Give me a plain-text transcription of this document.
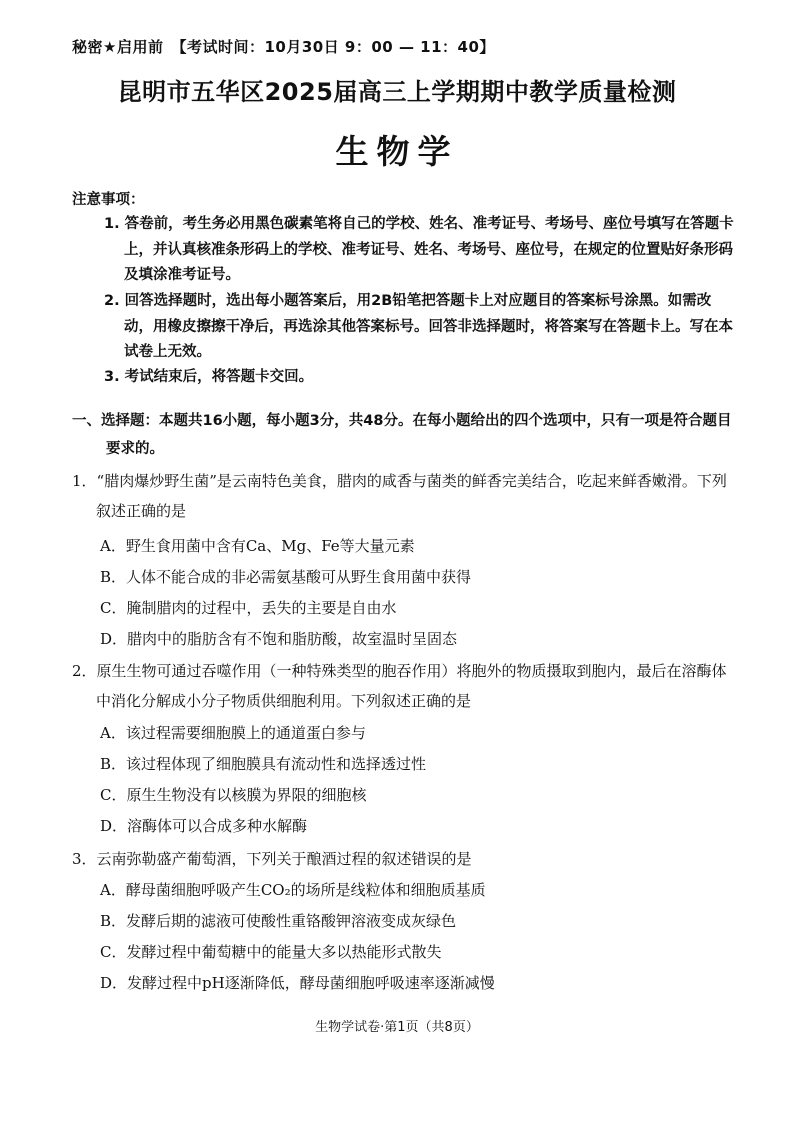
秘密★启用前　【考试时间：10月30日 9：00 — 11：40】
昆明市五华区2025届高三上学期期中教学质量检测
生物学
注意事项：
1. 答卷前，考生务必用黑色碳素笔将自己的学校、姓名、准考证号、考场号、座位号填写在答题卡上，并认真核准条形码上的学校、准考证号、姓名、考场号、座位号，在规定的位置贴好条形码及填涂准考证号。
2. 回答选择题时，选出每小题答案后，用2B铅笔把答题卡上对应题目的答案标号涂黑。如需改动，用橡皮擦擦干净后，再选涂其他答案标号。回答非选择题时，将答案写在答题卡上。写在本试卷上无效。
3. 考试结束后，将答题卡交回。
一、选择题：本题共16小题，每小题3分，共48分。在每小题给出的四个选项中，只有一项是符合题目要求的。
1．“腊肉爆炒野生菌”是云南特色美食，腊肉的咸香与菌类的鲜香完美结合，吃起来鲜香嫩滑。下列叙述正确的是
A．野生食用菌中含有Ca、Mg、Fe等大量元素
B．人体不能合成的非必需氨基酸可从野生食用菌中获得
C．腌制腊肉的过程中，丢失的主要是自由水
D．腊肉中的脂肪含有不饱和脂肪酸，故室温时呈固态
2．原生生物可通过吞噬作用（一种特殊类型的胞吞作用）将胞外的物质摄取到胞内，最后在溶酶体中消化分解成小分子物质供细胞利用。下列叙述正确的是
A．该过程需要细胞膜上的通道蛋白参与
B．该过程体现了细胞膜具有流动性和选择透过性
C．原生生物没有以核膜为界限的细胞核
D．溶酶体可以合成多种水解酶
3．云南弥勒盛产葡萄酒，下列关于酿酒过程的叙述错误的是
A．酵母菌细胞呼吸产生CO₂的场所是线粒体和细胞质基质
B．发酵后期的滤液可使酸性重铬酸钾溶液变成灰绿色
C．发酵过程中葡萄糖中的能量大多以热能形式散失
D．发酵过程中pH逐渐降低，酵母菌细胞呼吸速率逐渐减慢
生物学试卷·第1页（共8页）
